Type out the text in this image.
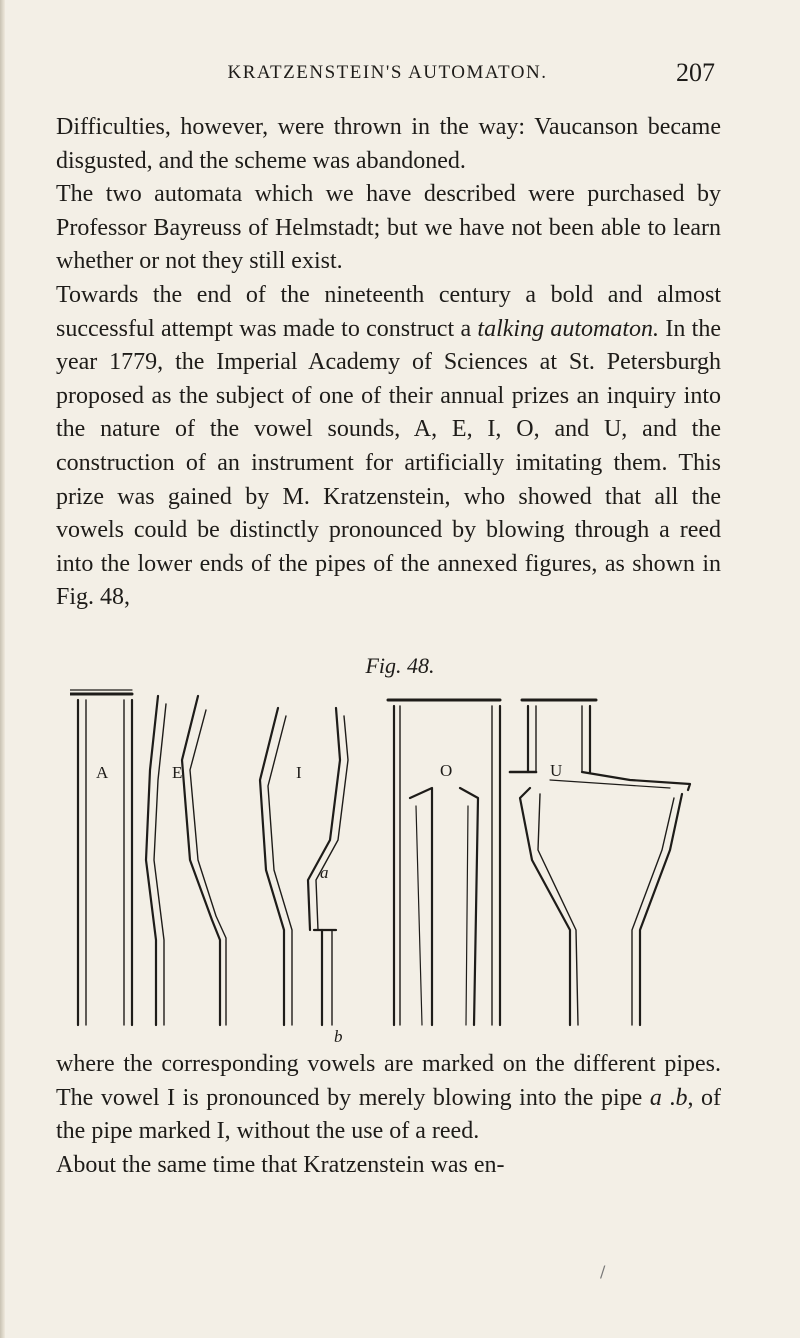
KRATZENSTEIN'S AUTOMATON.	207

Difficulties, however, were thrown in the way: Vaucanson became disgusted, and the scheme was abandoned.

The two automata which we have described were purchased by Professor Bayreuss of Helmstadt; but we have not been able to learn whether or not they still exist.

Towards the end of the nineteenth century a bold and almost successful attempt was made to construct a talking automaton. In the year 1779, the Imperial Academy of Sciences at St. Petersburgh proposed as the subject of one of their annual prizes an inquiry into the nature of the vowel sounds, A, E, I, O, and U, and the construction of an instrument for artificially imitating them. This prize was gained by M. Kratzenstein, who showed that all the vowels could be distinctly pronounced by blowing through a reed into the lower ends of the pipes of the annexed figures, as shown in Fig. 48,

Fig. 48.
A	E	I	O	U
a
b

where the corresponding vowels are marked on the different pipes. The vowel I is pronounced by merely blowing into the pipe a .b, of the pipe marked I, without the use of a reed.

About the same time that Kratzenstein was en-

/
